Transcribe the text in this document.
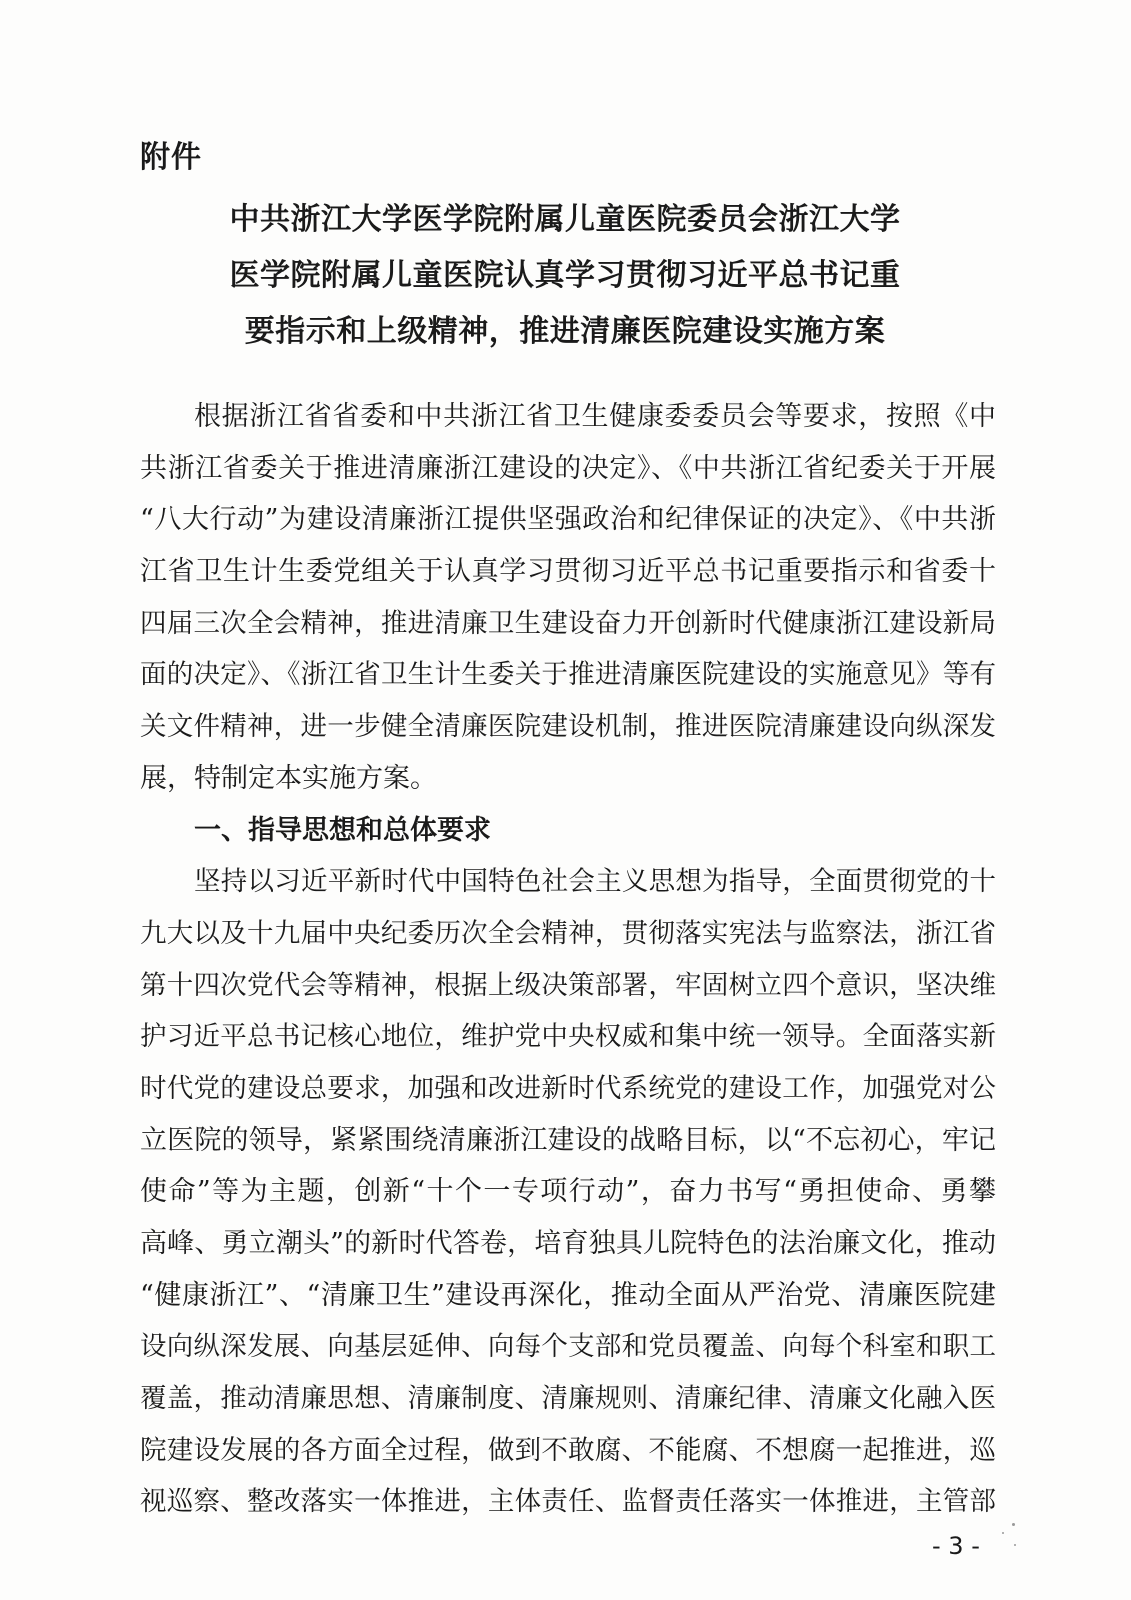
附件
中共浙江大学医学院附属儿童医院委员会浙江大学
医学院附属儿童医院认真学习贯彻习近平总书记重
要指示和上级精神，推进清廉医院建设实施方案
根据浙江省省委和中共浙江省卫生健康委委员会等要求，按照《中
共浙江省委关于推进清廉浙江建设的决定》、《中共浙江省纪委关于开展
“八大行动”为建设清廉浙江提供坚强政治和纪律保证的决定》、《中共浙
江省卫生计生委党组关于认真学习贯彻习近平总书记重要指示和省委十
四届三次全会精神，推进清廉卫生建设奋力开创新时代健康浙江建设新局
面的决定》、《浙江省卫生计生委关于推进清廉医院建设的实施意见》等有
关文件精神，进一步健全清廉医院建设机制，推进医院清廉建设向纵深发
展，特制定本实施方案。
一、指导思想和总体要求
坚持以习近平新时代中国特色社会主义思想为指导，全面贯彻党的十
九大以及十九届中央纪委历次全会精神，贯彻落实宪法与监察法，浙江省
第十四次党代会等精神，根据上级决策部署，牢固树立四个意识，坚决维
护习近平总书记核心地位，维护党中央权威和集中统一领导。全面落实新
时代党的建设总要求，加强和改进新时代系统党的建设工作，加强党对公
立医院的领导，紧紧围绕清廉浙江建设的战略目标，以“不忘初心，牢记
使命”等为主题，创新“十个一专项行动”，奋力书写“勇担使命、勇攀
高峰、勇立潮头”的新时代答卷，培育独具儿院特色的法治廉文化，推动
“健康浙江”、“清廉卫生”建设再深化，推动全面从严治党、清廉医院建
设向纵深发展、向基层延伸、向每个支部和党员覆盖、向每个科室和职工
覆盖，推动清廉思想、清廉制度、清廉规则、清廉纪律、清廉文化融入医
院建设发展的各方面全过程，做到不敢腐、不能腐、不想腐一起推进，巡
视巡察、整改落实一体推进，主体责任、监督责任落实一体推进，主管部
- 3 -
